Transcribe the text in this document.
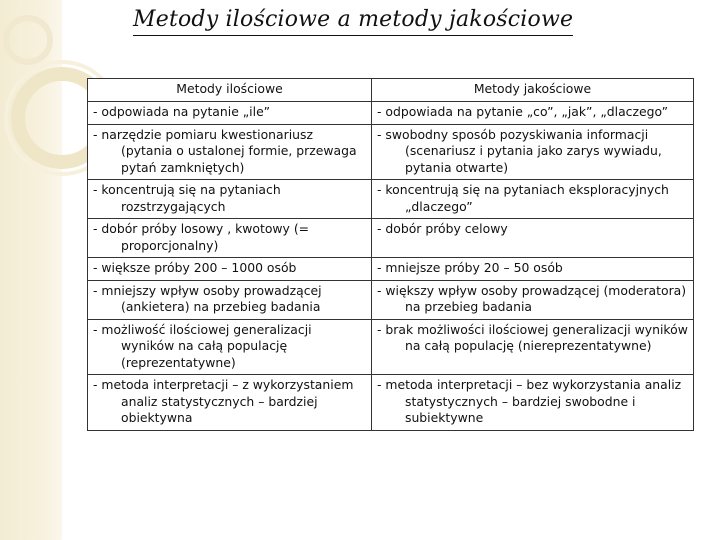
Metody ilościowe a metody jakościowe
Metody ilościowe	Metody jakościowe

- odpowiada na pytanie „ile”	- odpowiada na pytanie „co”, „jak”, „dlaczego”

- narzędzie pomiaru kwestionariusz (pytania o ustalonej formie, przewaga pytań zamkniętych)	- swobodny sposób pozyskiwania informacji (scenariusz i pytania jako zarys wywiadu, pytania otwarte)

- koncentrują się na pytaniach rozstrzygających	- koncentrują się na pytaniach eksploracyjnych „dlaczego”

- dobór próby losowy , kwotowy (= proporcjonalny)	- dobór próby celowy

- większe próby 200 – 1000 osób	- mniejsze próby 20 – 50 osób

- mniejszy wpływ osoby prowadzącej (ankietera) na przebieg badania	- większy wpływ osoby prowadzącej (moderatora) na przebieg badania

- możliwość ilościowej generalizacji wyników na całą populację (reprezentatywne)	- brak możliwości ilościowej generalizacji wyników na całą populację (niereprezentatywne)

- metoda interpretacji – z wykorzystaniem analiz statystycznych – bardziej obiektywna	- metoda interpretacji – bez wykorzystania analiz statystycznych – bardziej swobodne i subiektywne
